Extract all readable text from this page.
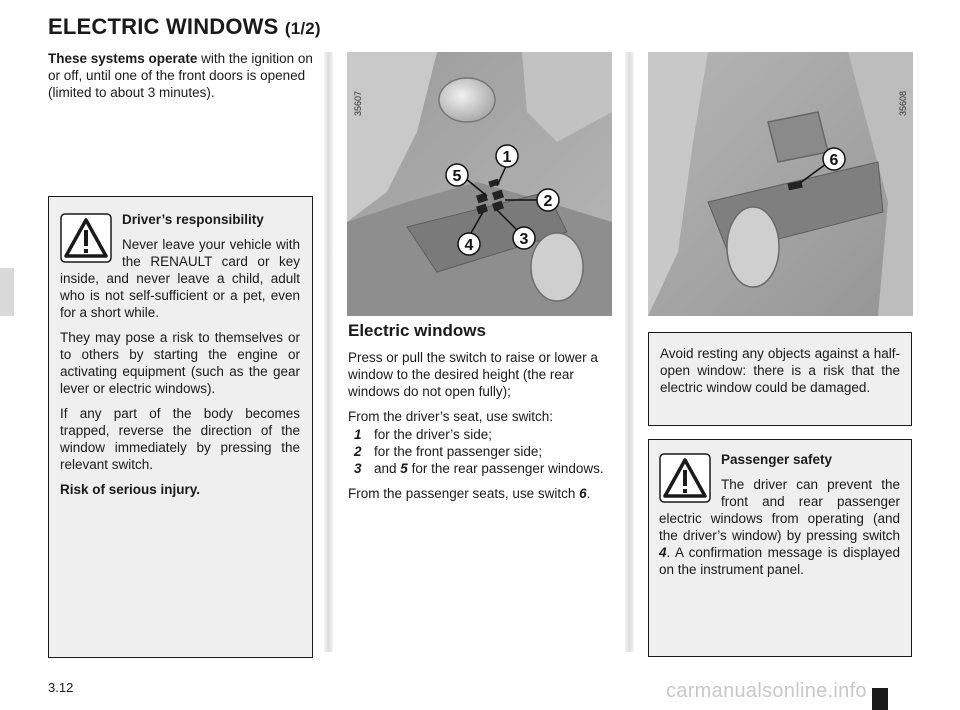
ELECTRIC WINDOWS (1/2)
These systems operate with the ignition on or off, until one of the front doors is opened (limited to about 3 minutes).
Driver’s responsibility

Never leave your vehicle with the RENAULT card or key inside, and never leave a child, adult who is not self-sufficient or a pet, even for a short while.

They may pose a risk to themselves or to others by starting the engine or activating equipment (such as the gear lever or electric windows).

If any part of the body becomes trapped, reverse the direction of the window immediately by pressing the relevant switch.

Risk of serious injury.

1
2
3
4
5
35607
6
35608
Electric windows

Press or pull the switch to raise or lower a window to the desired height (the rear windows do not open fully);

From the driver’s seat, use switch:

1 for the driver’s side;
2 for the front passenger side;
3 and 5 for the rear passenger windows.

From the passenger seats, use switch 6.

Avoid resting any objects against a half-open window: there is a risk that the electric window could be damaged.

Passenger safety

The driver can prevent the front and rear passenger electric windows from operating (and the driver’s window) by pressing switch 4. A confirmation message is displayed on the instrument panel.

3.12	carmanualsonline.info
